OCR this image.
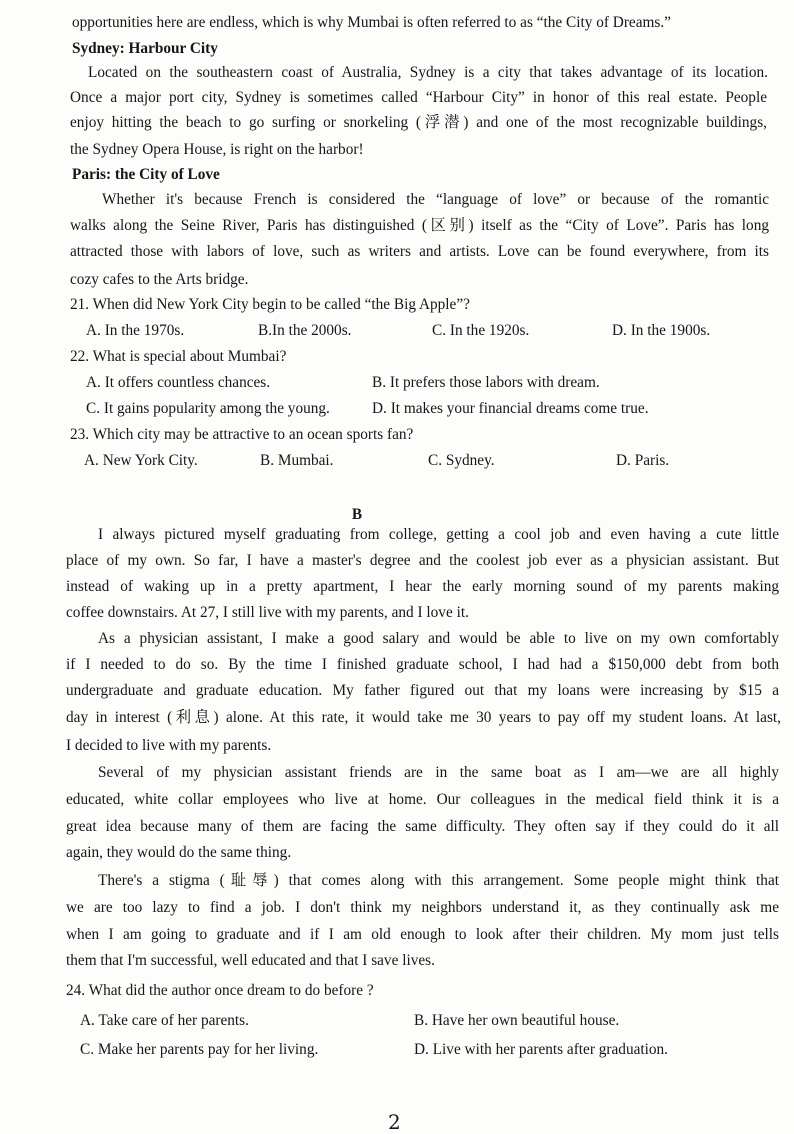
opportunities here are endless, which is why Mumbai is often referred to as “the City of Dreams.”
Sydney: Harbour City
Located on the southeastern coast of Australia, Sydney is a city that takes advantage of its location.
Once a major port city, Sydney is sometimes called “Harbour City” in honor of this real estate. People
enjoy hitting the beach to go surfing or snorkeling (浮潜) and one of the most recognizable buildings,
the Sydney Opera House, is right on the harbor!
Paris: the City of Love
Whether it's because French is considered the “language of love” or because of the romantic
walks along the Seine River, Paris has distinguished (区别) itself as the “City of Love”. Paris has long
attracted those with labors of love, such as writers and artists. Love can be found everywhere, from its
cozy cafes to the Arts bridge.
21. When did New York City begin to be called “the Big Apple”?
A. In the 1970s.	B.In the 2000s.	C. In the 1920s.	D. In the 1900s.
22. What is special about Mumbai?
A. It offers countless chances.	B. It prefers those labors with dream.
C. It gains popularity among the young.	D. It makes your financial dreams come true.
23. Which city may be attractive to an ocean sports fan?
A. New York City.	B. Mumbai.	C. Sydney.	D. Paris.
B
I always pictured myself graduating from college, getting a cool job and even having a cute little
place of my own. So far, I have a master's degree and the coolest job ever as a physician assistant. But
instead of waking up in a pretty apartment, I hear the early morning sound of my parents making
coffee downstairs. At 27, I still live with my parents, and I love it.
As a physician assistant, I make a good salary and would be able to live on my own comfortably
if I needed to do so. By the time I finished graduate school, I had had a $150,000 debt from both
undergraduate and graduate education. My father figured out that my loans were increasing by $15 a
day in interest (利息) alone. At this rate, it would take me 30 years to pay off my student loans. At last,
I decided to live with my parents.
Several of my physician assistant friends are in the same boat as I am—we are all highly
educated, white collar employees who live at home. Our colleagues in the medical field think it is a
great idea because many of them are facing the same difficulty. They often say if they could do it all
again, they would do the same thing.
There's a stigma (耻辱) that comes along with this arrangement. Some people might think that
we are too lazy to find a job. I don't think my neighbors understand it, as they continually ask me
when I am going to graduate and if I am old enough to look after their children. My mom just tells
them that I'm successful, well educated and that I save lives.
24. What did the author once dream to do before ?
A. Take care of her parents.	B. Have her own beautiful house.
C. Make her parents pay for her living.	D. Live with her parents after graduation.
2
